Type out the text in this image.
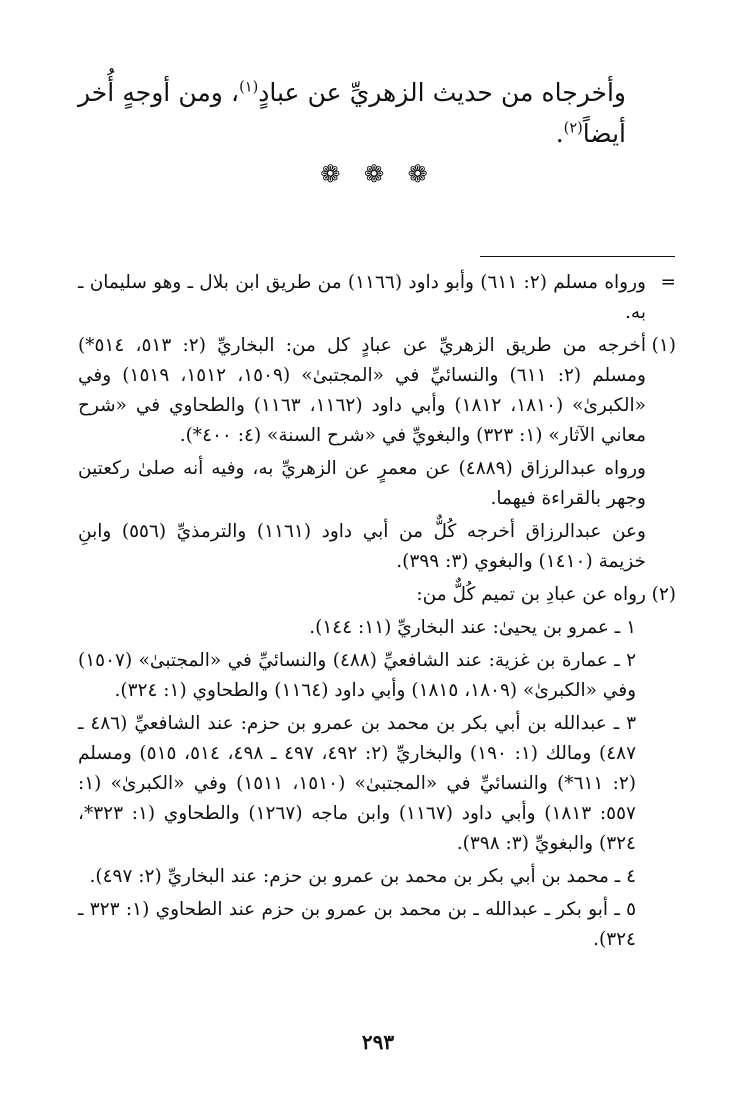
وأخرجاه من حديث الزهريِّ عن عبادٍ$^{(١)}$، ومن أوجهٍ أُخر أيضاً$^{(٢)}$.
❁ ❁ ❁
=

ورواه مسلم (٢: ٦١١) وأبو داود (١١٦٦) من طريق ابن بلال ـ وهو سليمان ـ به.

(١)

أخرجه من طريق الزهريِّ عن عبادٍ كل من: البخاريِّ (٢: ٥١٣، ٥١٤*) ومسلم (٢: ٦١١) والنسائيِّ في «المجتبىٰ» (١٥٠٩، ١٥١٢، ١٥١٩) وفي «الكبرىٰ» (١٨١٠، ١٨١٢) وأبي داود (١١٦٢، ١١٦٣) والطحاوي في «شرح معاني الآثار» (١: ٣٢٣) والبغويِّ في «شرح السنة» (٤: ٤٠٠*).

ورواه عبدالرزاق (٤٨٨٩) عن معمرٍ عن الزهريِّ به، وفيه أنه صلىٰ ركعتين وجهر بالقراءة فيهما.

وعن عبدالرزاق أخرجه كُلٌّ من أبي داود (١١٦١) والترمذيِّ (٥٥٦) وابنِ خزيمة (١٤١٠) والبغوي (٣: ٣٩٩).

(٢)

رواه عن عبادِ بن تميم كُلٌّ من:

١ ـ عمرو بن يحيىٰ: عند البخاريِّ (١١: ١٤٤).

٢ ـ عمارة بن غزية: عند الشافعيِّ (٤٨٨) والنسائيِّ في «المجتبىٰ» (١٥٠٧) وفي «الكبرىٰ» (١٨٠٩، ١٨١٥) وأبي داود (١١٦٤) والطحاوي (١: ٣٢٤).

٣ ـ عبدالله بن أبي بكر بن محمد بن عمرو بن حزم: عند الشافعيِّ (٤٨٦ ـ ٤٨٧) ومالك (١: ١٩٠) والبخاريِّ (٢: ٤٩٢، ٤٩٧ ـ ٤٩٨، ٥١٤، ٥١٥) ومسلم (٢: ٦١١*) والنسائيِّ في «المجتبىٰ» (١٥١٠، ١٥١١) وفي «الكبرىٰ» (١: ٥٥٧: ١٨١٣) وأبي داود (١١٦٧) وابن ماجه (١٢٦٧) والطحاوي (١: ٣٢٣*، ٣٢٤) والبغويِّ (٣: ٣٩٨).

٤ ـ محمد بن أبي بكر بن محمد بن عمرو بن حزم: عند البخاريِّ (٢: ٤٩٧).

٥ ـ أبو بكر ـ عبدالله ـ بن محمد بن عمرو بن حزم عند الطحاوي (١: ٣٢٣ ـ ٣٢٤).

٢٩٣
